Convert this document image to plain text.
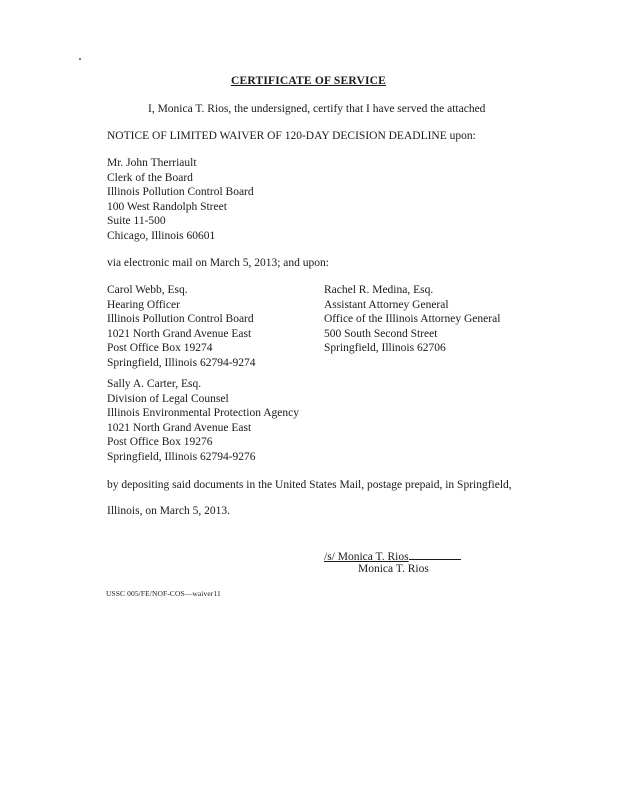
CERTIFICATE OF SERVICE
I, Monica T. Rios, the undersigned, certify that I have served the attached
NOTICE OF LIMITED WAIVER OF 120-DAY DECISION DEADLINE upon:
Mr. John Therriault
Clerk of the Board
Illinois Pollution Control Board
100 West Randolph Street
Suite 11-500
Chicago, Illinois 60601
via electronic mail on March 5, 2013; and upon:
Carol Webb, Esq.
Hearing Officer
Illinois Pollution Control Board
1021 North Grand Avenue East
Post Office Box 19274
Springfield, Illinois 62794-9274
Rachel R. Medina, Esq.
Assistant Attorney General
Office of the Illinois Attorney General
500 South Second Street
Springfield, Illinois 62706
Sally A. Carter, Esq.
Division of Legal Counsel
Illinois Environmental Protection Agency
1021 North Grand Avenue East
Post Office Box 19276
Springfield, Illinois 62794-9276
by depositing said documents in the United States Mail, postage prepaid, in Springfield,
Illinois, on March 5, 2013.
/s/ Monica T. Rios
Monica T. Rios
USSC 005/FE/NOF-COS—waiver11
